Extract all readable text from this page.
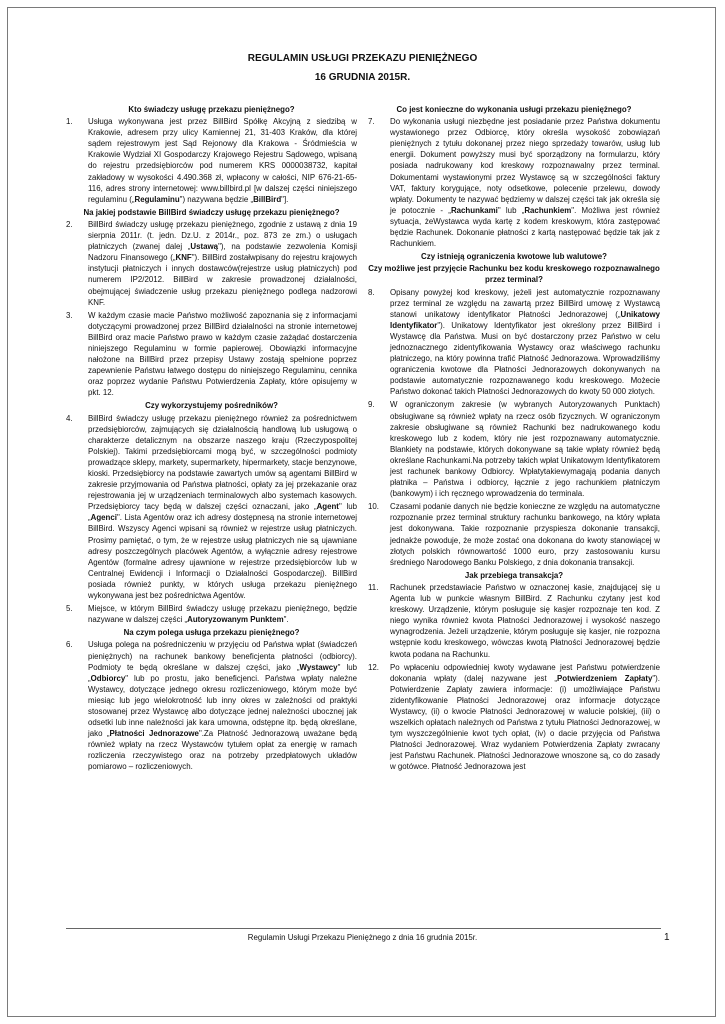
REGULAMIN USŁUGI PRZEKAZU PIENIĘŻNEGO
16 GRUDNIA 2015R.
Kto świadczy usługę przekazu pieniężnego?
1.	Usługa wykonywana jest przez BillBird Spółkę Akcyjną z siedzibą w Krakowie, adresem przy ulicy Kamiennej 21, 31-403 Kraków, dla której sądem rejestrowym jest Sąd Rejonowy dla Krakowa - Śródmieścia w Krakowie Wydział XI Gospodarczy Krajowego Rejestru Sądowego, wpisaną do rejestru przedsiębiorców pod numerem KRS 0000038732, kapitał zakładowy w wysokości 4.490.368 zł, wpłacony w całości, NIP 676-21-65-116, adres strony internetowej: www.billbird.pl [w dalszej części niniejszego regulaminu („Regulaminu") nazywana będzie „BillBird"].
Na jakiej podstawie BillBird świadczy usługę przekazu pieniężnego?
2.	BillBird świadczy usługę przekazu pieniężnego, zgodnie z ustawą z dnia 19 sierpnia 2011r. (t. jedn. Dz.U. z 2014r., poz. 873 ze zm.) o usługach płatniczych (zwanej dalej „Ustawą"), na podstawie zezwolenia Komisji Nadzoru Finansowego („KNF"). BillBird zostałwpisany do rejestru krajowych instytucji płatniczych i innych dostawców(rejestrze usług płatniczych) pod numerem IP2/2012. BillBird w zakresie prowadzonej działalności, obejmującej świadczenie usług przekazu pieniężnego podlega nadzorowi KNF.
3.	W każdym czasie macie Państwo możliwość zapoznania się z informacjami dotyczącymi prowadzonej przez BillBird działalności na stronie internetowej BillBird oraz macie Państwo prawo w każdym czasie zażądać dostarczenia niniejszego Regulaminu w formie papierowej. Obowiązki informacyjne nałożone na BillBird przez przepisy Ustawy zostają spełnione poprzez zapewnienie Państwu łatwego dostępu do niniejszego Regulaminu, cennika oraz poprzez wydanie Państwu Potwierdzenia Zapłaty, które opisujemy w pkt. 12.
Czy wykorzystujemy pośredników?
4.	BillBird świadczy usługę przekazu pieniężnego również za pośrednictwem przedsiębiorców, zajmujących się działalnością handlową lub usługową o charakterze detalicznym na obszarze naszego kraju (Rzeczypospolitej Polskiej). Takimi przedsiębiorcami mogą być, w szczególności podmioty prowadzące sklepy, markety, supermarkety, hipermarkety, stacje benzynowe, kioski. Przedsiębiorcy na podstawie zawartych umów są agentami BillBird w zakresie przyjmowania od Państwa płatności, opłaty za jej przekazanie oraz rejestrowania jej w urządzeniach terminalowych albo systemach kasowych. Przedsiębiorcy tacy będą w dalszej części oznaczani, jako „Agent" lub „Agenci". Lista Agentów oraz ich adresy dostępnesą na stronie internetowej BillBird. Wszyscy Agenci wpisani są również w rejestrze usług płatniczych. Prosimy pamiętać, o tym, że w rejestrze usług płatniczych nie są ujawniane adresy poszczególnych placówek Agentów, a wyłącznie adresy rejestrowe Agentów (formalne adresy ujawnione w rejestrze przedsiębiorców lub w Centralnej Ewidencji i Informacji o Działalności Gospodarczej). BillBird posiada również punkty, w których usługa przekazu pieniężnego wykonywana jest bez pośrednictwa Agentów.
5.	Miejsce, w którym BillBird świadczy usługę przekazu pieniężnego, będzie nazywane w dalszej części „Autoryzowanym Punktem".
Na czym polega usługa przekazu pieniężnego?
6.	Usługa polega na pośredniczeniu w przyjęciu od Państwa wpłat (świadczeń pieniężnych) na rachunek bankowy beneficjenta płatności (odbiorcy). Podmioty te będą określane w dalszej części, jako „Wystawcy" lub „Odbiorcy" lub po prostu, jako beneficjenci. Państwa wpłaty należne Wystawcy, dotyczące jednego okresu rozliczeniowego, którym może być miesiąc lub jego wielokrotność lub inny okres w zależności od praktyki stosowanej przez Wystawcę albo dotyczące jednej należności ubocznej jak odsetki lub inne należności jak kara umowna, odstępne itp. będą określane, jako „Płatności Jednorazowe".Za Płatność Jednorazową uważane będą również wpłaty na rzecz Wystawców tytułem opłat za energię w ramach rozliczenia rzeczywistego oraz na potrzeby przedpłatowych układów pomiarowo – rozliczeniowych.
Co jest konieczne do wykonania usługi przekazu pieniężnego?
7.	Do wykonania usługi niezbędne jest posiadanie przez Państwa dokumentu wystawionego przez Odbiorcę, który określa wysokość zobowiązań pieniężnych z tytułu dokonanej przez niego sprzedaży towarów, usług lub energii. Dokument powyższy musi być sporządzony na formularzu, który posiada nadrukowany kod kreskowy rozpoznawalny przez terminal. Dokumentami wystawionymi przez Wystawcę są w szczególności faktury VAT, faktury korygujące, noty odsetkowe, polecenie przelewu, dowody wpłaty. Dokumenty te nazywać będziemy w dalszej części tak jak określa się je potocznie - „Rachunkami" lub „Rachunkiem". Możliwa jest również sytuacja, żeWystawca wyda kartę z kodem kreskowym, która zastępować będzie Rachunek. Dokonanie płatności z kartą następować będzie tak jak z Rachunkiem.
Czy istnieją ograniczenia kwotowe lub walutowe?
Czy możliwe jest przyjęcie Rachunku bez kodu kreskowego rozpoznawalnego przez terminal?
8.	Opisany powyżej kod kreskowy, jeżeli jest automatycznie rozpoznawany przez terminal ze względu na zawartą przez BillBird umowę z Wystawcą stanowi unikatowy identyfikator Płatności Jednorazowej („Unikatowy Identyfikator"). Unikatowy Identyfikator jest określony przez BillBird i Wystawcę dla Państwa. Musi on być dostarczony przez Państwo w celu jednoznacznego zidentyfikowania Wystawcy oraz właściwego rachunku płatniczego, na który powinna trafić Płatność Jednorazowa. Wprowadziliśmy ograniczenia kwotowe dla Płatności Jednorazowych dokonywanych na podstawie automatycznie rozpoznawanego kodu kreskowego. Możecie Państwo dokonać takich Płatności Jednorazowych do kwoty 50 000 złotych.
9.	W ograniczonym zakresie (w wybranych Autoryzowanych Punktach) obsługiwane są również wpłaty na rzecz osób fizycznych. W ograniczonym zakresie obsługiwane są również Rachunki bez nadrukowanego kodu kreskowego lub z kodem, który nie jest rozpoznawany automatycznie. Blankiety na podstawie, których dokonywane są takie wpłaty również będą określane Rachunkami.Na potrzeby takich wpłat Unikatowym Identyfikatorem jest rachunek bankowy Odbiorcy. Wpłatytakiewymagają podania danych płatnika – Państwa i odbiorcy, łącznie z jego rachunkiem płatniczym (bankowym) i ich ręcznego wprowadzenia do terminala.
10.	Czasami podanie danych nie będzie konieczne ze względu na automatyczne rozpoznanie przez terminal struktury rachunku bankowego, na który wpłata jest dokonywana. Takie rozpoznanie przyspiesza dokonanie transakcji, jednakże powoduje, że może zostać ona dokonana do kwoty stanowiącej w złotych polskich równowartość 1000 euro, przy zastosowaniu kursu średniego Narodowego Banku Polskiego, z dnia dokonania transakcji.
Jak przebiega transakcja?
11.	Rachunek przedstawiacie Państwo w oznaczonej kasie, znajdującej się u Agenta lub w punkcie własnym BillBird. Z Rachunku czytany jest kod kreskowy. Urządzenie, którym posługuje się kasjer rozpoznaje ten kod. Z niego wynika również kwota Płatności Jednorazowej i wysokość naszego wynagrodzenia. Jeżeli urządzenie, którym posługuje się kasjer, nie rozpozna wstępnie kodu kreskowego, wówczas kwotą Płatności Jednorazowej będzie kwota podana na Rachunku.
12.	Po wpłaceniu odpowiedniej kwoty wydawane jest Państwu potwierdzenie dokonania wpłaty (dalej nazywane jest „Potwierdzeniem Zapłaty"). Potwierdzenie Zapłaty zawiera informacje: (i) umożliwiające Państwu zidentyfikowanie Płatności Jednorazowej oraz informacje dotyczące Wystawcy, (ii) o kwocie Płatności Jednorazowej w walucie polskiej, (iii) o wszelkich opłatach należnych od Państwa z tytułu Płatności Jednorazowej, w tym wyszczególnienie kwot tych opłat, (iv) o dacie przyjęcia od Państwa Płatności Jednorazowej. Wraz wydaniem Potwierdzenia Zapłaty zwracany jest Państwu Rachunek. Płatności Jednorazowe wnoszone są, co do zasady w gotówce. Płatność Jednorazowa jest
Regulamin Usługi Przekazu Pieniężnego z dnia 16 grudnia 2015r.	1
